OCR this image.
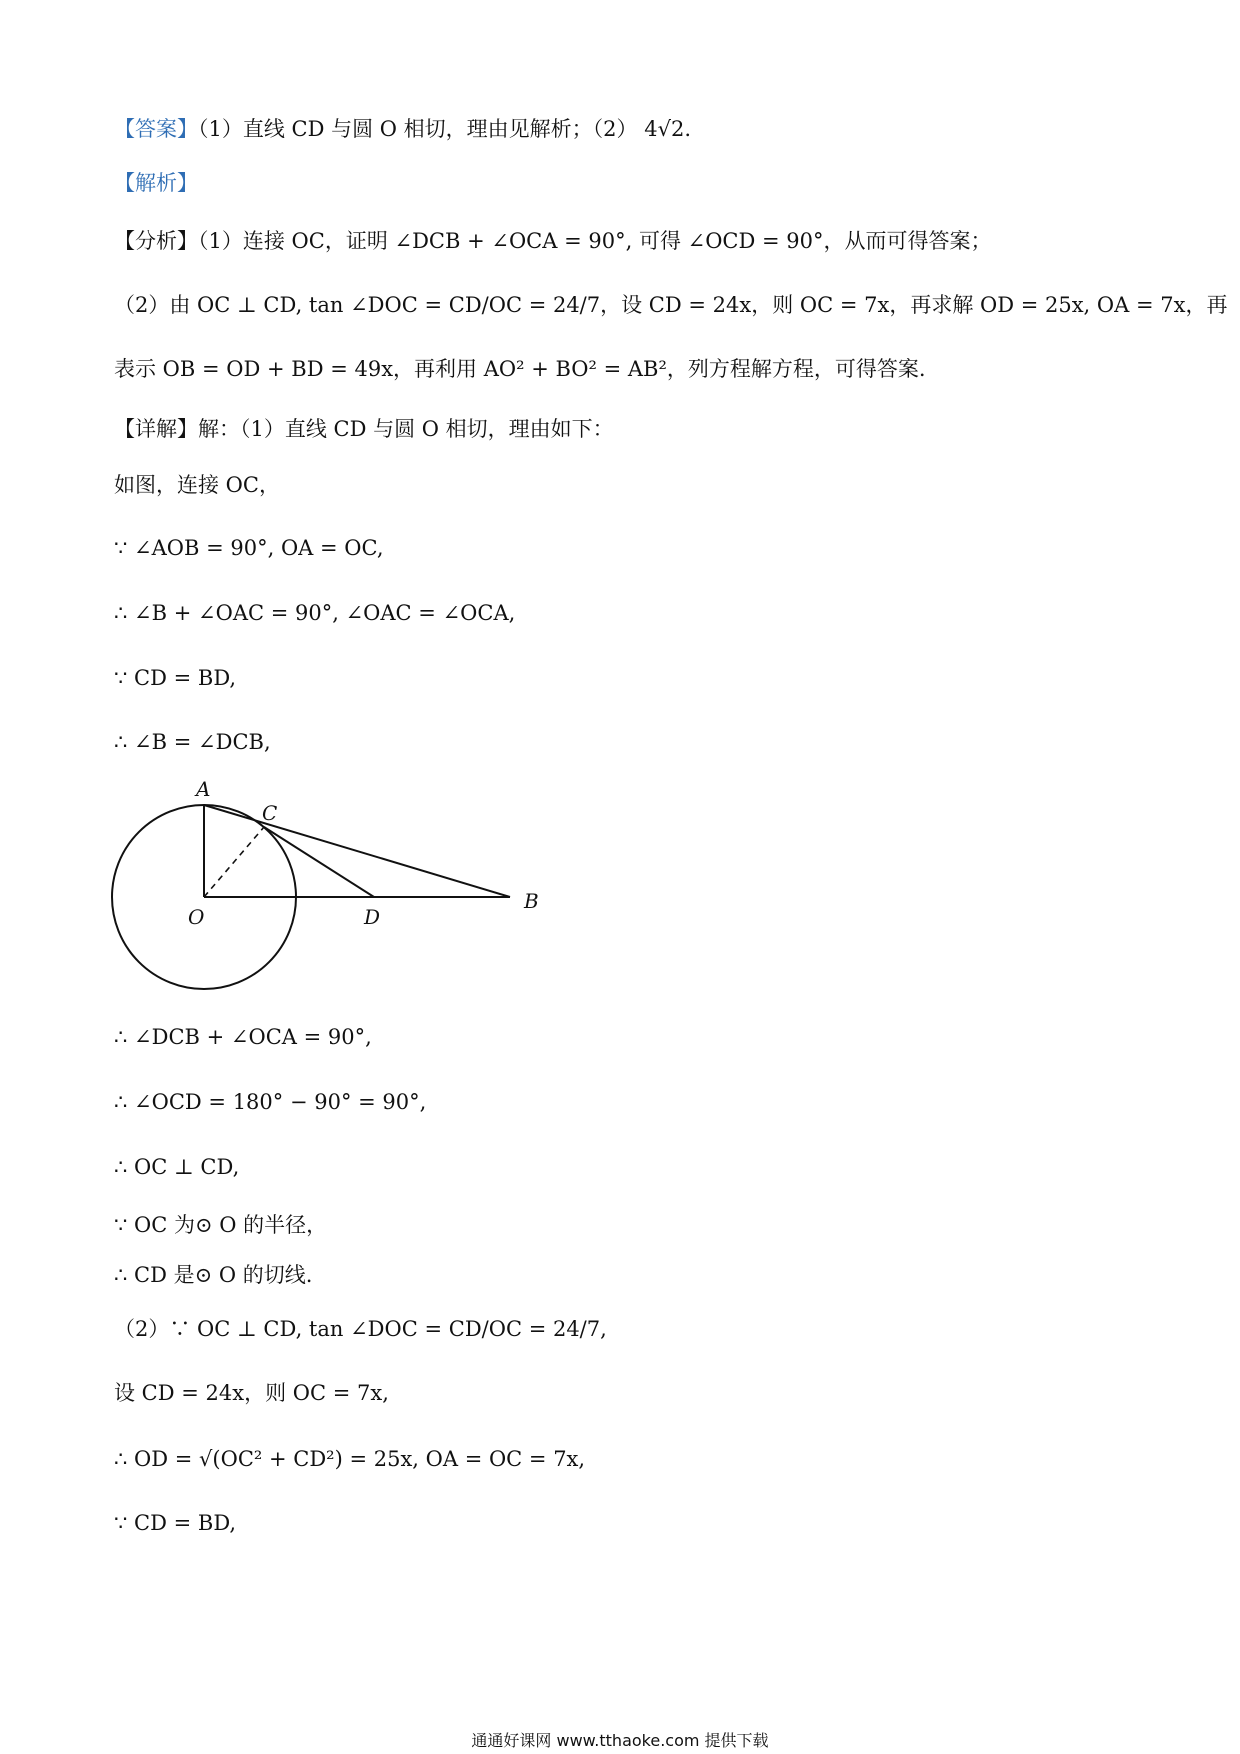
【答案】（1）直线 CD 与圆 O 相切，理由见解析；（2） 4√2.
【解析】
【分析】（1）连接 OC，证明 ∠DCB + ∠OCA = 90°, 可得 ∠OCD = 90°，从而可得答案；
（2）由 OC ⊥ CD, tan ∠DOC = CD/OC = 24/7，设 CD = 24x，则 OC = 7x，再求解 OD = 25x, OA = 7x，再
表示 OB = OD + BD = 49x，再利用 AO² + BO² = AB²，列方程解方程，可得答案.
【详解】解：（1）直线 CD 与圆 O 相切，理由如下：
如图，连接 OC，
∵ ∠AOB = 90°, OA = OC,
∴ ∠B + ∠OAC = 90°, ∠OAC = ∠OCA,
∵ CD = BD,
∴ ∠B = ∠DCB,
A
C
O	D
B
∴ ∠DCB + ∠OCA = 90°,
∴ ∠OCD = 180° − 90° = 90°,
∴ OC ⊥ CD,
∵ OC 为⊙ O 的半径，
∴ CD 是⊙ O 的切线.
（2）∵ OC ⊥ CD, tan ∠DOC = CD/OC = 24/7,
设 CD = 24x，则 OC = 7x,
∴ OD = √(OC² + CD²) = 25x, OA = OC = 7x,
∵ CD = BD,
通通好课网 www.tthaoke.com 提供下载
